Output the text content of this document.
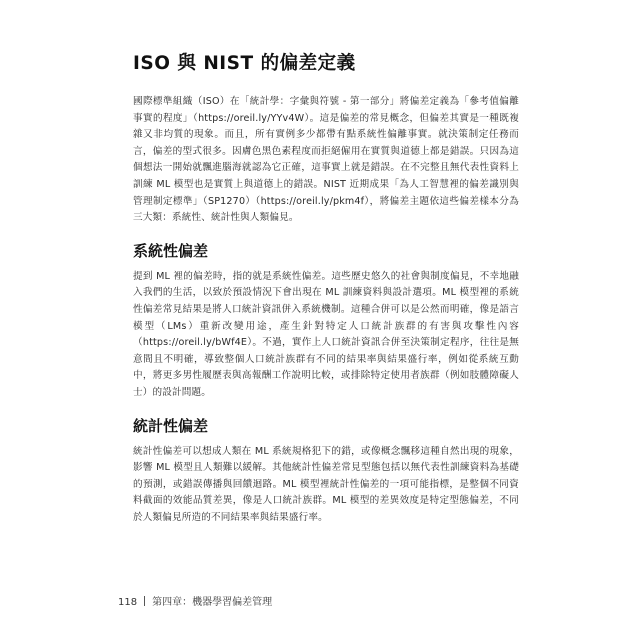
ISO 與 NIST 的偏差定義

國際標準組織（ISO）在「統計學：字彙與符號 - 第一部分」將偏差定義為「參考值偏離事實的程度」（https://oreil.ly/YYv4W）。這是偏差的常見概念，但偏差其實是一種既複雜又非均質的現象。而且，所有實例多少都帶有點系統性偏離事實。就決策制定任務而言，偏差的型式很多。因膚色黑色素程度而拒絕僱用在實質與道德上都是錯誤。只因為這個想法一開始就飄進腦海就認為它正確，這事實上就是錯誤。在不完整且無代表性資料上訓練 ML 模型也是實質上與道德上的錯誤。NIST 近期成果「為人工智慧裡的偏差識別與管理制定標準」（SP1270）（https://oreil.ly/pkm4f），將偏差主題依這些偏差樣本分為三大類：系統性、統計性與人類偏見。

系統性偏差

提到 ML 裡的偏差時，指的就是系統性偏差。這些歷史悠久的社會與制度偏見，不幸地融入我們的生活，以致於預設情況下會出現在 ML 訓練資料與設計選項。ML 模型裡的系統性偏差常見結果是將人口統計資訊併入系統機制。這種合併可以是公然而明確，像是語言模型（LMs）重新改變用途，產生針對特定人口統計族群的有害與攻擊性內容（https://oreil.ly/bWf4E）。不過，實作上人口統計資訊合併至決策制定程序，往往是無意間且不明確，導致整個人口統計族群有不同的結果率與結果盛行率，例如從系統互動中，將更多男性履歷表與高報酬工作說明比較，或排除特定使用者族群（例如肢體障礙人士）的設計問題。

統計性偏差

統計性偏差可以想成人類在 ML 系統規格犯下的錯，或像概念飄移這種自然出現的現象，影響 ML 模型且人類難以緩解。其他統計性偏差常見型態包括以無代表性訓練資料為基礎的預測，或錯誤傳播與回饋迴路。ML 模型裡統計性偏差的一項可能指標，是整個不同資料截面的效能品質差異，像是人口統計族群。ML 模型的差異效度是特定型態偏差，不同於人類偏見所造的不同結果率與結果盛行率。

118 第四章：機器學習偏差管理
